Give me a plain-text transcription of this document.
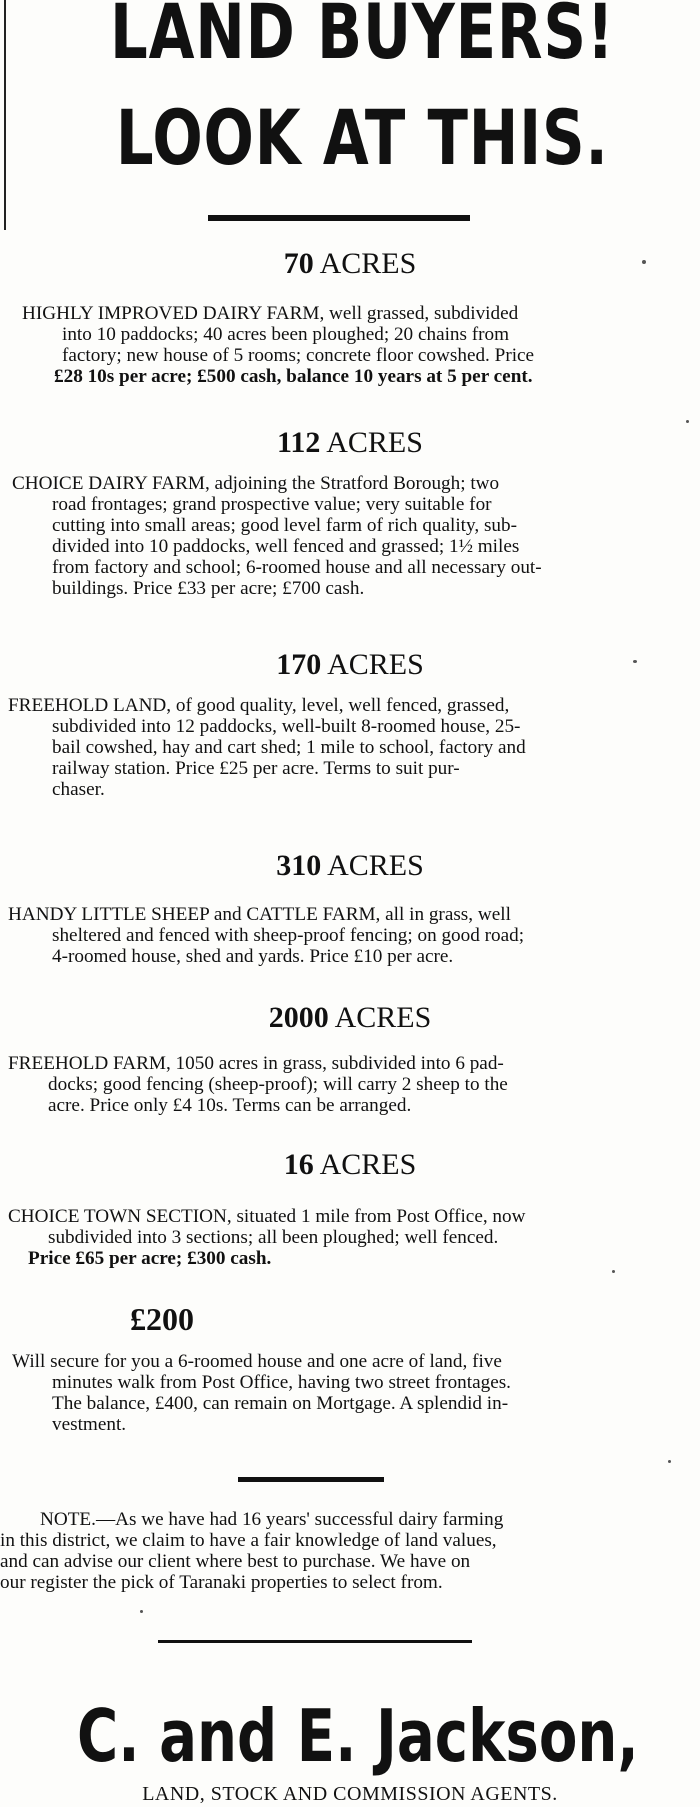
LAND BUYERS!
LOOK AT THIS.
70 ACRES
HIGHLY IMPROVED DAIRY FARM, well grassed, subdivided
into 10 paddocks; 40 acres been ploughed; 20 chains from
factory; new house of 5 rooms; concrete floor cowshed. Price
£28 10s per acre; £500 cash, balance 10 years at 5 per cent.
112 ACRES
CHOICE DAIRY FARM, adjoining the Stratford Borough; two
road frontages; grand prospective value; very suitable for
cutting into small areas; good level farm of rich quality, sub-
divided into 10 paddocks, well fenced and grassed; 1½ miles
from factory and school; 6-roomed house and all necessary out-
buildings. Price £33 per acre; £700 cash.
170 ACRES
FREEHOLD LAND, of good quality, level, well fenced, grassed,
subdivided into 12 paddocks, well-built 8-roomed house, 25-
bail cowshed, hay and cart shed; 1 mile to school, factory and
railway station. Price £25 per acre. Terms to suit pur-
chaser.
310 ACRES
HANDY LITTLE SHEEP and CATTLE FARM, all in grass, well
sheltered and fenced with sheep-proof fencing; on good road;
4-roomed house, shed and yards. Price £10 per acre.
2000 ACRES
FREEHOLD FARM, 1050 acres in grass, subdivided into 6 pad-
docks; good fencing (sheep-proof); will carry 2 sheep to the
acre. Price only £4 10s. Terms can be arranged.
16 ACRES
CHOICE TOWN SECTION, situated 1 mile from Post Office, now
subdivided into 3 sections; all been ploughed; well fenced.
Price £65 per acre; £300 cash.
£200
Will secure for you a 6-roomed house and one acre of land, five
minutes walk from Post Office, having two street frontages.
The balance, £400, can remain on Mortgage. A splendid in-
vestment.
NOTE.—As we have had 16 years' successful dairy farming
in this district, we claim to have a fair knowledge of land values,
and can advise our client where best to purchase. We have on
our register the pick of Taranaki properties to select from.
C. and E. Jackson,
LAND, STOCK AND COMMISSION AGENTS.
